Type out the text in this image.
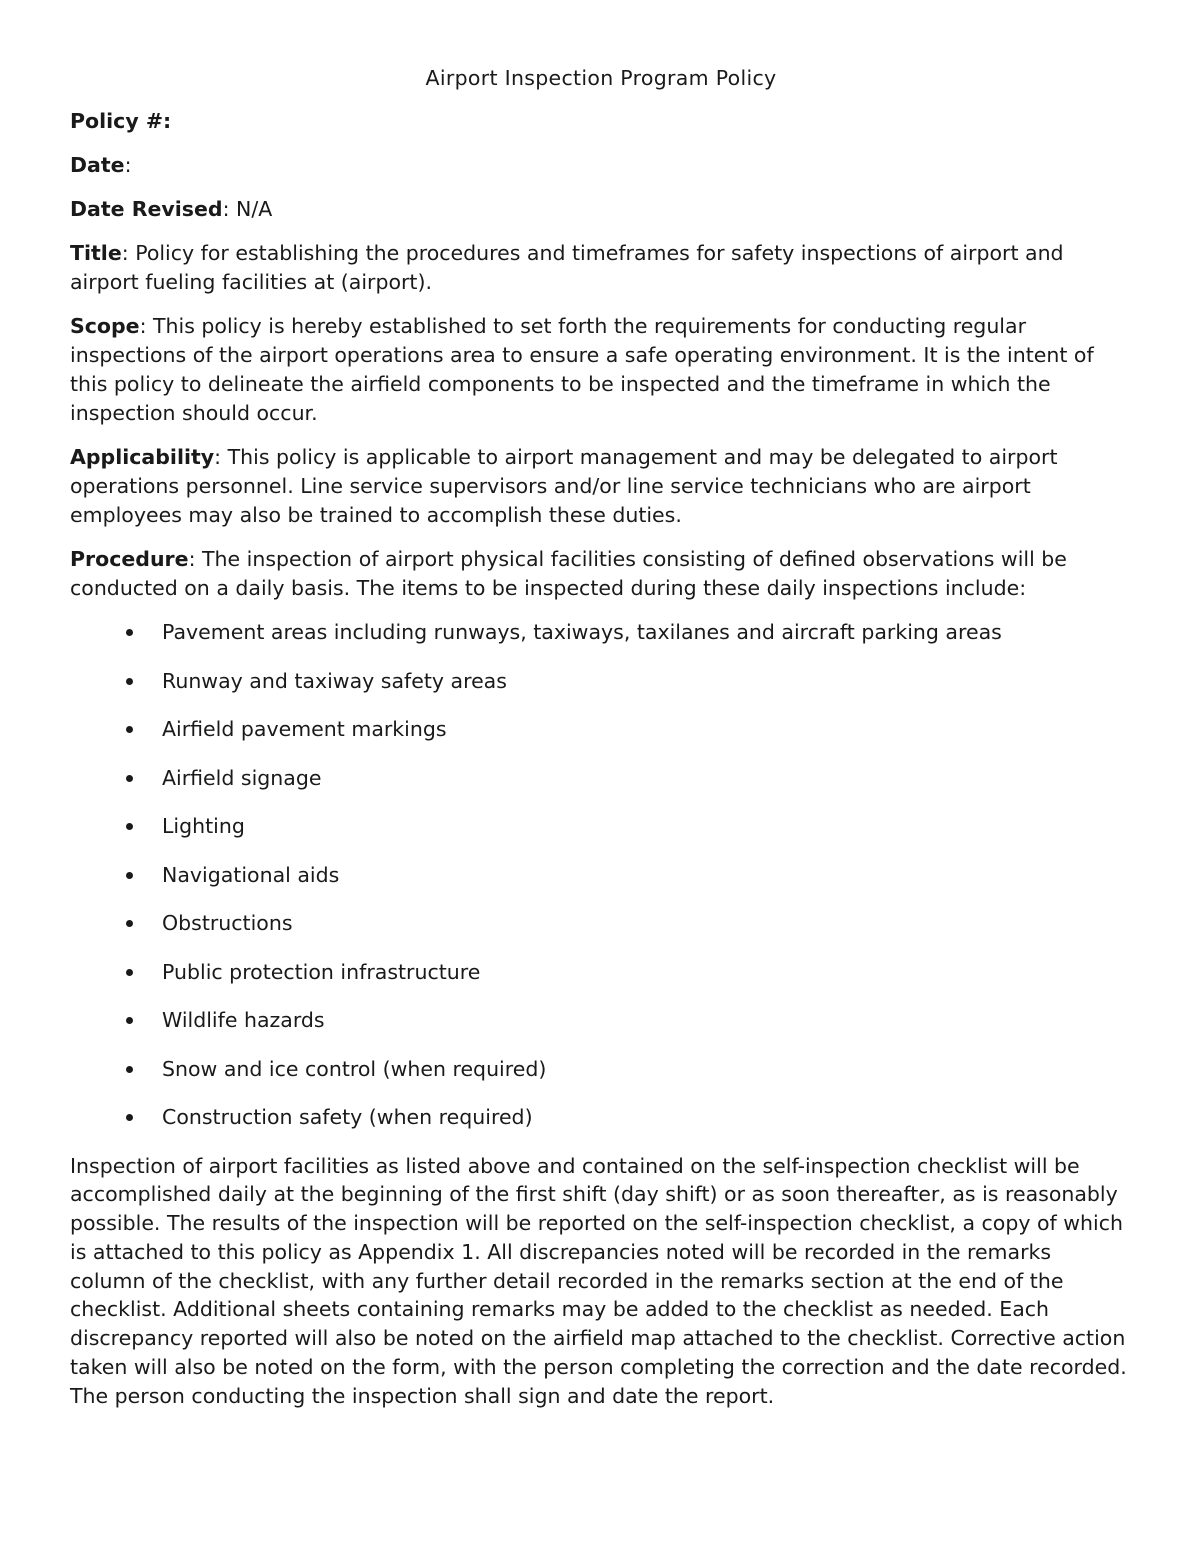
Airport Inspection Program Policy

Policy #:

Date:

Date Revised: N/A

Title: Policy for establishing the procedures and timeframes for safety inspections of airport and airport fueling facilities at (airport).

Scope: This policy is hereby established to set forth the requirements for conducting regular inspections of the airport operations area to ensure a safe operating environment. It is the intent of this policy to delineate the airfield components to be inspected and the timeframe in which the inspection should occur.

Applicability: This policy is applicable to airport management and may be delegated to airport operations personnel. Line service supervisors and/or line service technicians who are airport employees may also be trained to accomplish these duties.

Procedure: The inspection of airport physical facilities consisting of defined observations will be conducted on a daily basis. The items to be inspected during these daily inspections include:

Pavement areas including runways, taxiways, taxilanes and aircraft parking areas
Runway and taxiway safety areas
Airfield pavement markings
Airfield signage
Lighting
Navigational aids
Obstructions
Public protection infrastructure
Wildlife hazards
Snow and ice control (when required)
Construction safety (when required)

Inspection of airport facilities as listed above and contained on the self-inspection checklist will be accomplished daily at the beginning of the first shift (day shift) or as soon thereafter, as is reasonably possible. The results of the inspection will be reported on the self-inspection checklist, a copy of which is attached to this policy as Appendix 1. All discrepancies noted will be recorded in the remarks column of the checklist, with any further detail recorded in the remarks section at the end of the checklist. Additional sheets containing remarks may be added to the checklist as needed. Each discrepancy reported will also be noted on the airfield map attached to the checklist. Corrective action taken will also be noted on the form, with the person completing the correction and the date recorded. The person conducting the inspection shall sign and date the report.
